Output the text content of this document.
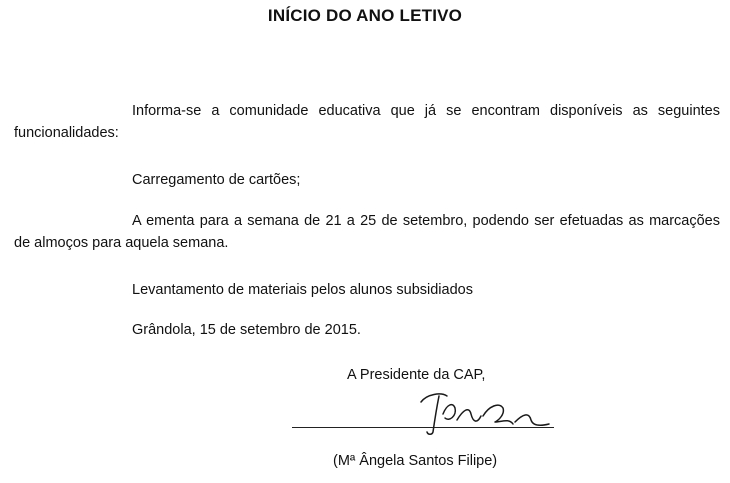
INÍCIO DO ANO LETIVO
Informa-se a comunidade educativa que já se encontram disponíveis as seguintes funcionalidades:
Carregamento de cartões;
A ementa para a semana de 21 a 25 de setembro, podendo ser efetuadas as marcações de almoços para aquela semana.
Levantamento de materiais pelos alunos subsidiados
Grândola, 15 de setembro de 2015.
A Presidente da CAP,
(Mª Ângela Santos Filipe)
